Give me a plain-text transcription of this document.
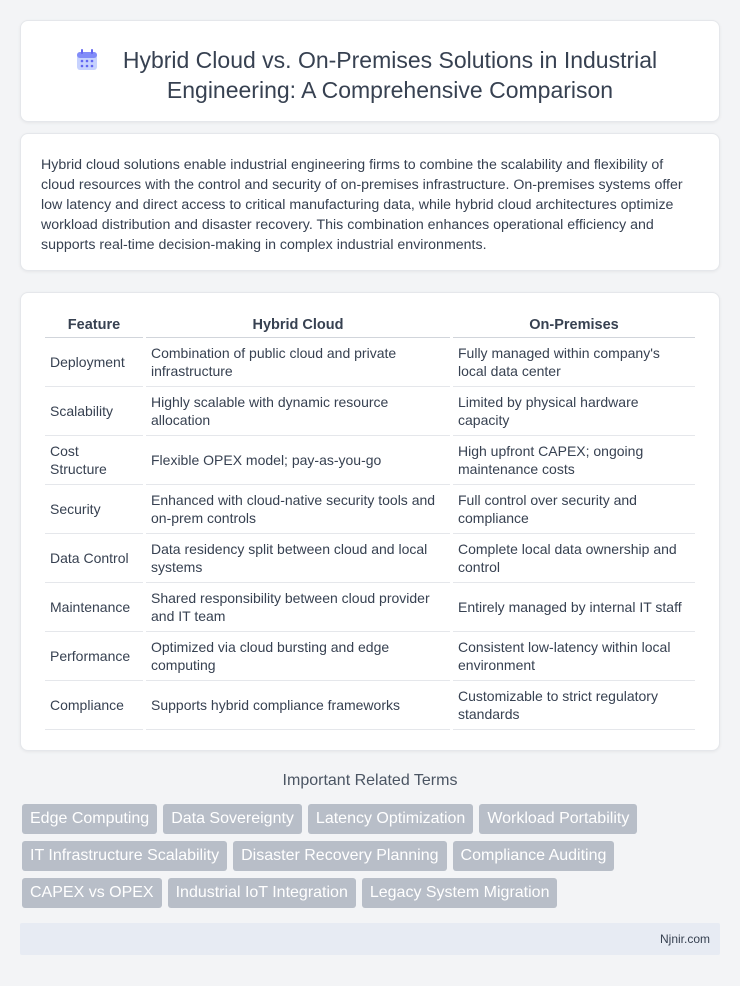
Hybrid Cloud vs. On-Premises Solutions in Industrial Engineering: A Comprehensive Comparison

Hybrid cloud solutions enable industrial engineering firms to combine the scalability and flexibility of cloud resources with the control and security of on-premises infrastructure. On-premises systems offer low latency and direct access to critical manufacturing data, while hybrid cloud architectures optimize workload distribution and disaster recovery. This combination enhances operational efficiency and supports real-time decision-making in complex industrial environments.

Feature	Hybrid Cloud	On-Premises
Deployment	Combination of public cloud and private infrastructure	Fully managed within company's local data center
Scalability	Highly scalable with dynamic resource allocation	Limited by physical hardware capacity
Cost Structure	Flexible OPEX model; pay-as-you-go	High upfront CAPEX; ongoing maintenance costs
Security	Enhanced with cloud-native security tools and on-prem controls	Full control over security and compliance
Data Control	Data residency split between cloud and local systems	Complete local data ownership and control
Maintenance	Shared responsibility between cloud provider and IT team	Entirely managed by internal IT staff
Performance	Optimized via cloud bursting and edge computing	Consistent low-latency within local environment
Compliance	Supports hybrid compliance frameworks	Customizable to strict regulatory standards
Important Related Terms
Edge Computing	Data Sovereignty	Latency Optimization	Workload Portability
IT Infrastructure Scalability	Disaster Recovery Planning	Compliance Auditing
CAPEX vs OPEX	Industrial IoT Integration	Legacy System Migration
Njnir.com
